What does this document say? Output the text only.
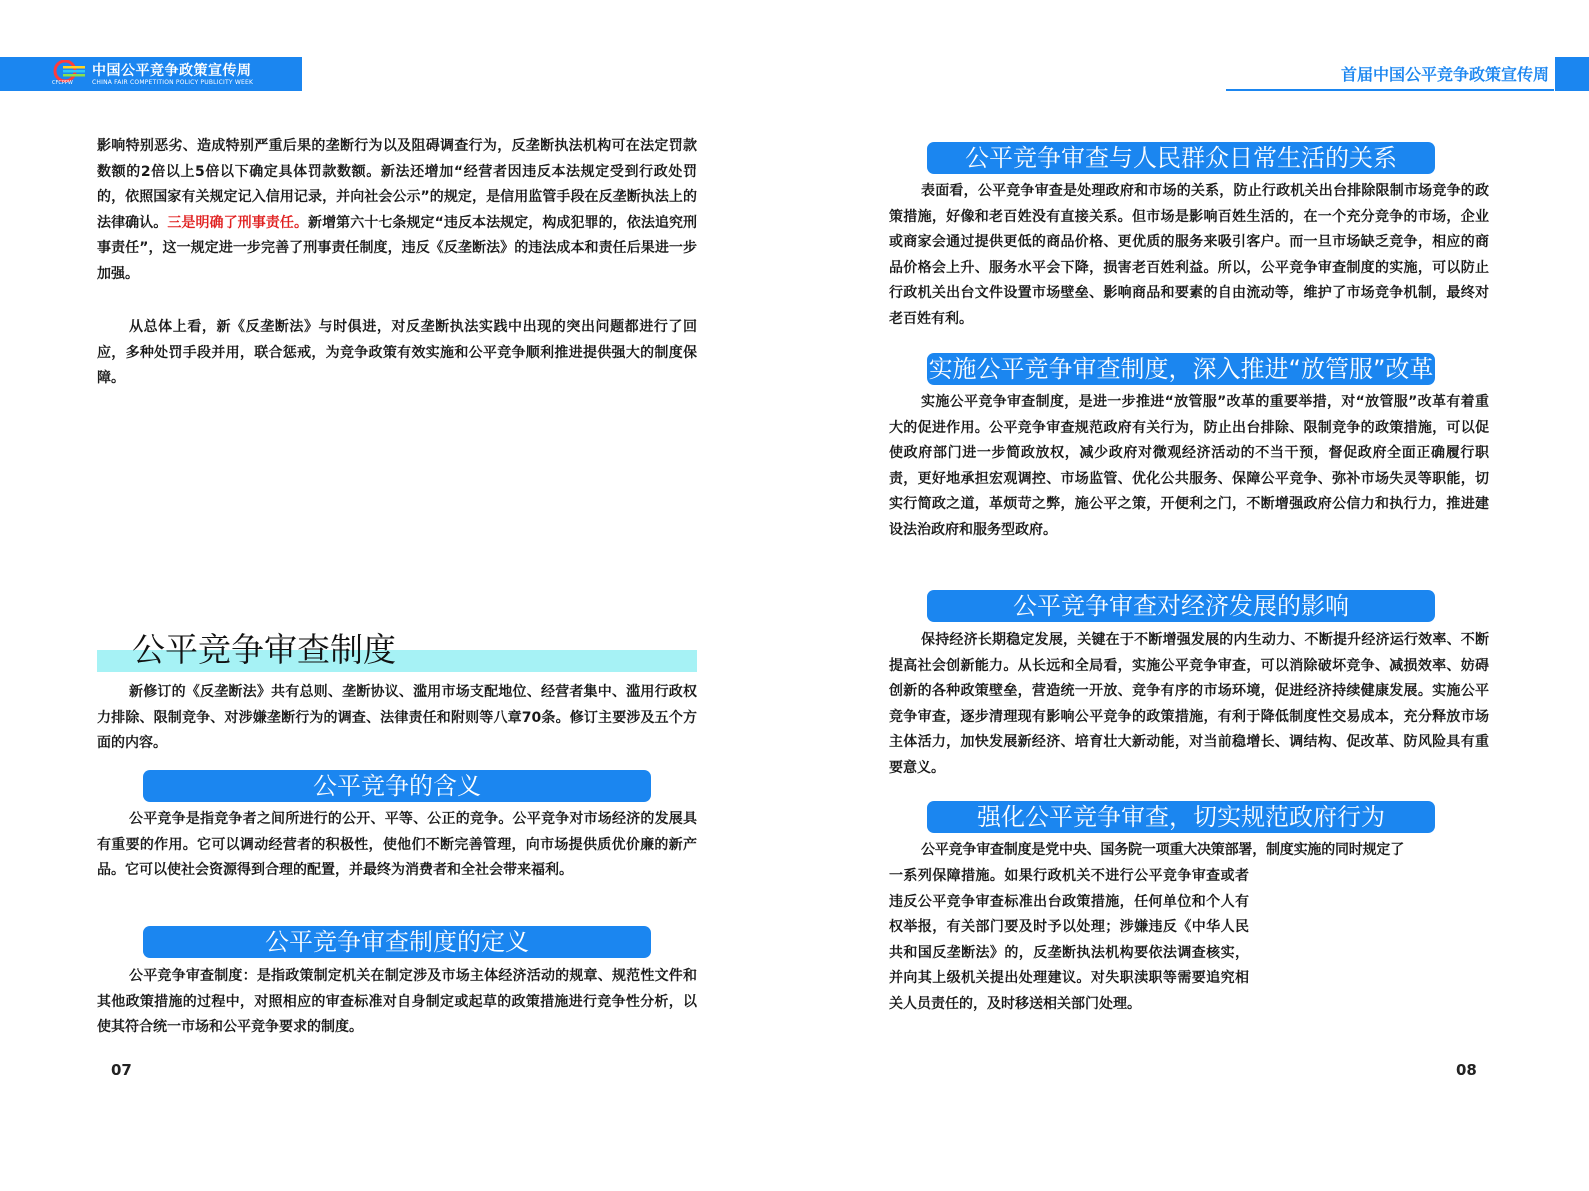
CFCPPW
中国公平竞争政策宣传周
CHINA FAIR COMPETITION POLICY PUBLICITY WEEK	首届中国公平竞争政策宣传周
影响特别恶劣、造成特别严重后果的垄断行为以及阻碍调查行为，反垄断执法机构可在法定罚款数额的2倍以上5倍以下确定具体罚款数额。新法还增加“经营者因违反本法规定受到行政处罚的，依照国家有关规定记入信用记录，并向社会公示”的规定，是信用监管手段在反垄断执法上的法律确认。三是明确了刑事责任。新增第六十七条规定“违反本法规定，构成犯罪的，依法追究刑事责任”，这一规定进一步完善了刑事责任制度，违反《反垄断法》的违法成本和责任后果进一步加强。
从总体上看，新《反垄断法》与时俱进，对反垄断执法实践中出现的突出问题都进行了回应，多种处罚手段并用，联合惩戒，为竞争政策有效实施和公平竞争顺利推进提供强大的制度保障。
公平竞争审查制度
新修订的《反垄断法》共有总则、垄断协议、滥用市场支配地位、经营者集中、滥用行政权力排除、限制竞争、对涉嫌垄断行为的调查、法律责任和附则等八章70条。修订主要涉及五个方面的内容。
公平竞争的含义
公平竞争是指竞争者之间所进行的公开、平等、公正的竞争。公平竞争对市场经济的发展具有重要的作用。它可以调动经营者的积极性，使他们不断完善管理，向市场提供质优价廉的新产品。它可以使社会资源得到合理的配置，并最终为消费者和全社会带来福利。
公平竞争审查制度的定义
公平竞争审查制度：是指政策制定机关在制定涉及市场主体经济活动的规章、规范性文件和其他政策措施的过程中，对照相应的审查标准对自身制定或起草的政策措施进行竞争性分析，以使其符合统一市场和公平竞争要求的制度。
07
公平竞争审查与人民群众日常生活的关系
表面看，公平竞争审查是处理政府和市场的关系，防止行政机关出台排除限制市场竞争的政策措施，好像和老百姓没有直接关系。但市场是影响百姓生活的，在一个充分竞争的市场，企业或商家会通过提供更低的商品价格、更优质的服务来吸引客户。而一旦市场缺乏竞争，相应的商品价格会上升、服务水平会下降，损害老百姓利益。所以，公平竞争审查制度的实施，可以防止行政机关出台文件设置市场壁垒、影响商品和要素的自由流动等，维护了市场竞争机制，最终对老百姓有利。
实施公平竞争审查制度，深入推进“放管服”改革
实施公平竞争审查制度，是进一步推进“放管服”改革的重要举措，对“放管服”改革有着重大的促进作用。公平竞争审查规范政府有关行为，防止出台排除、限制竞争的政策措施，可以促使政府部门进一步简政放权，减少政府对微观经济活动的不当干预，督促政府全面正确履行职责，更好地承担宏观调控、市场监管、优化公共服务、保障公平竞争、弥补市场失灵等职能，切实行简政之道，革烦苛之弊，施公平之策，开便利之门，不断增强政府公信力和执行力，推进建设法治政府和服务型政府。
公平竞争审查对经济发展的影响
保持经济长期稳定发展，关键在于不断增强发展的内生动力、不断提升经济运行效率、不断提高社会创新能力。从长远和全局看，实施公平竞争审查，可以消除破坏竞争、减损效率、妨碍创新的各种政策壁垒，营造统一开放、竞争有序的市场环境，促进经济持续健康发展。实施公平竞争审查，逐步清理现有影响公平竞争的政策措施，有利于降低制度性交易成本，充分释放市场主体活力，加快发展新经济、培育壮大新动能，对当前稳增长、调结构、促改革、防风险具有重要意义。
强化公平竞争审查，切实规范政府行为
公平竞争审查制度是党中央、国务院一项重大决策部署，制度实施的同时规定了
一系列保障措施。如果行政机关不进行公平竞争审查或者违反公平竞争审查标准出台政策措施，任何单位和个人有权举报，有关部门要及时予以处理；涉嫌违反《中华人民共和国反垄断法》的，反垄断执法机构要依法调查核实，并向其上级机关提出处理建议。对失职渎职等需要追究相关人员责任的，及时移送相关部门处理。
08
